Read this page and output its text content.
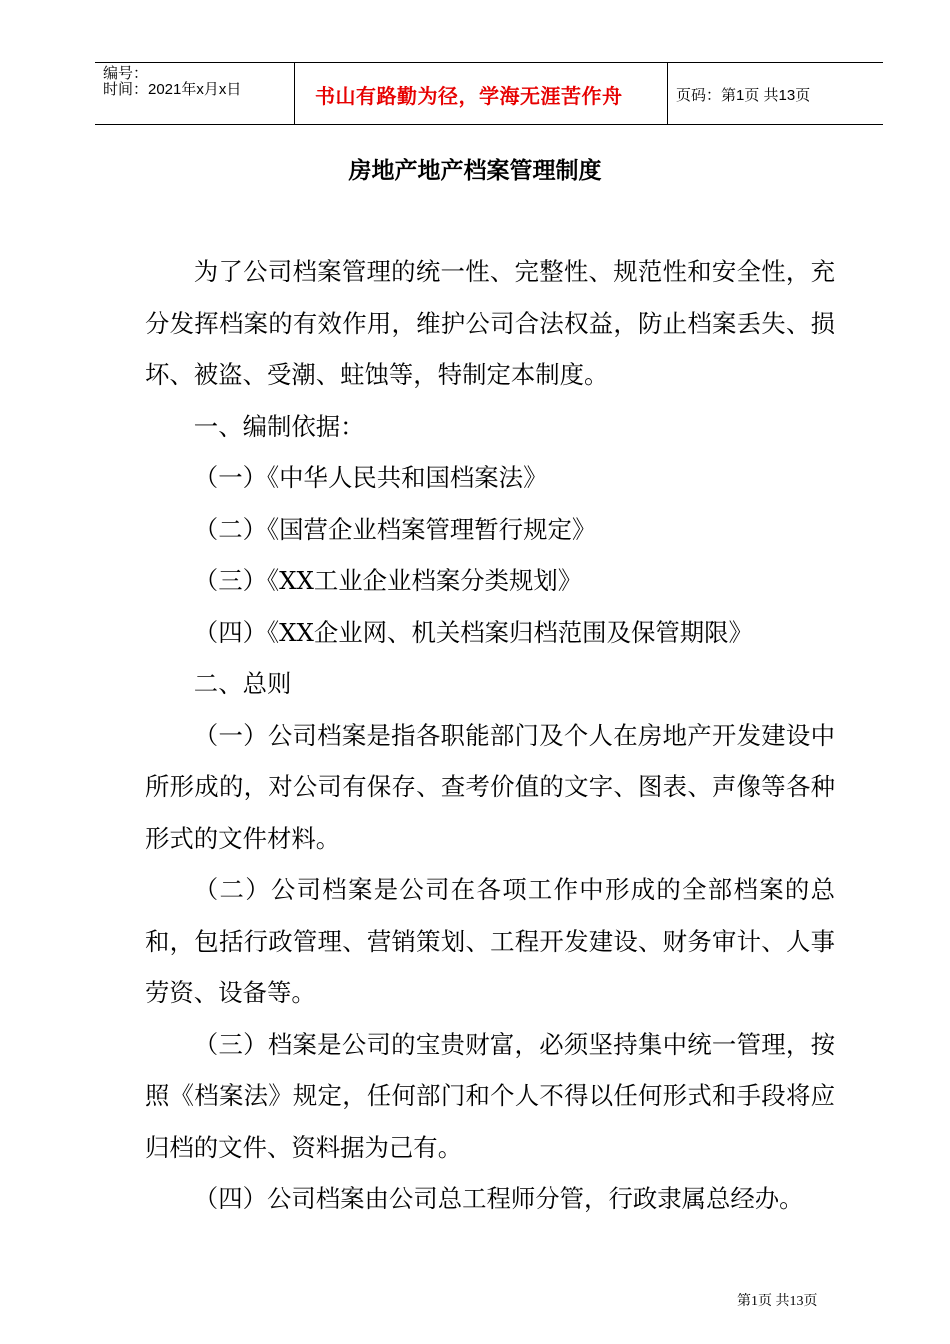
编号：
时间：2021年x月x日	书山有路勤为径，学海无涯苦作舟	页码：第1页 共13页
房地产地产档案管理制度

为了公司档案管理的统一性、完整性、规范性和安全性，充分发挥档案的有效作用，维护公司合法权益，防止档案丢失、损坏、被盗、受潮、蛀蚀等，特制定本制度。

一、编制依据：

（一）《中华人民共和国档案法》

（二）《国营企业档案管理暂行规定》

（三）《XX工业企业档案分类规划》

（四）《XX企业网、机关档案归档范围及保管期限》

二、总则

（一）公司档案是指各职能部门及个人在房地产开发建设中所形成的，对公司有保存、查考价值的文字、图表、声像等各种形式的文件材料。

（二）公司档案是公司在各项工作中形成的全部档案的总和，包括行政管理、营销策划、工程开发建设、财务审计、人事劳资、设备等。

（三）档案是公司的宝贵财富，必须坚持集中统一管理，按照《档案法》规定，任何部门和个人不得以任何形式和手段将应归档的文件、资料据为己有。

（四）公司档案由公司总工程师分管，行政隶属总经办。

第1页 共13页
